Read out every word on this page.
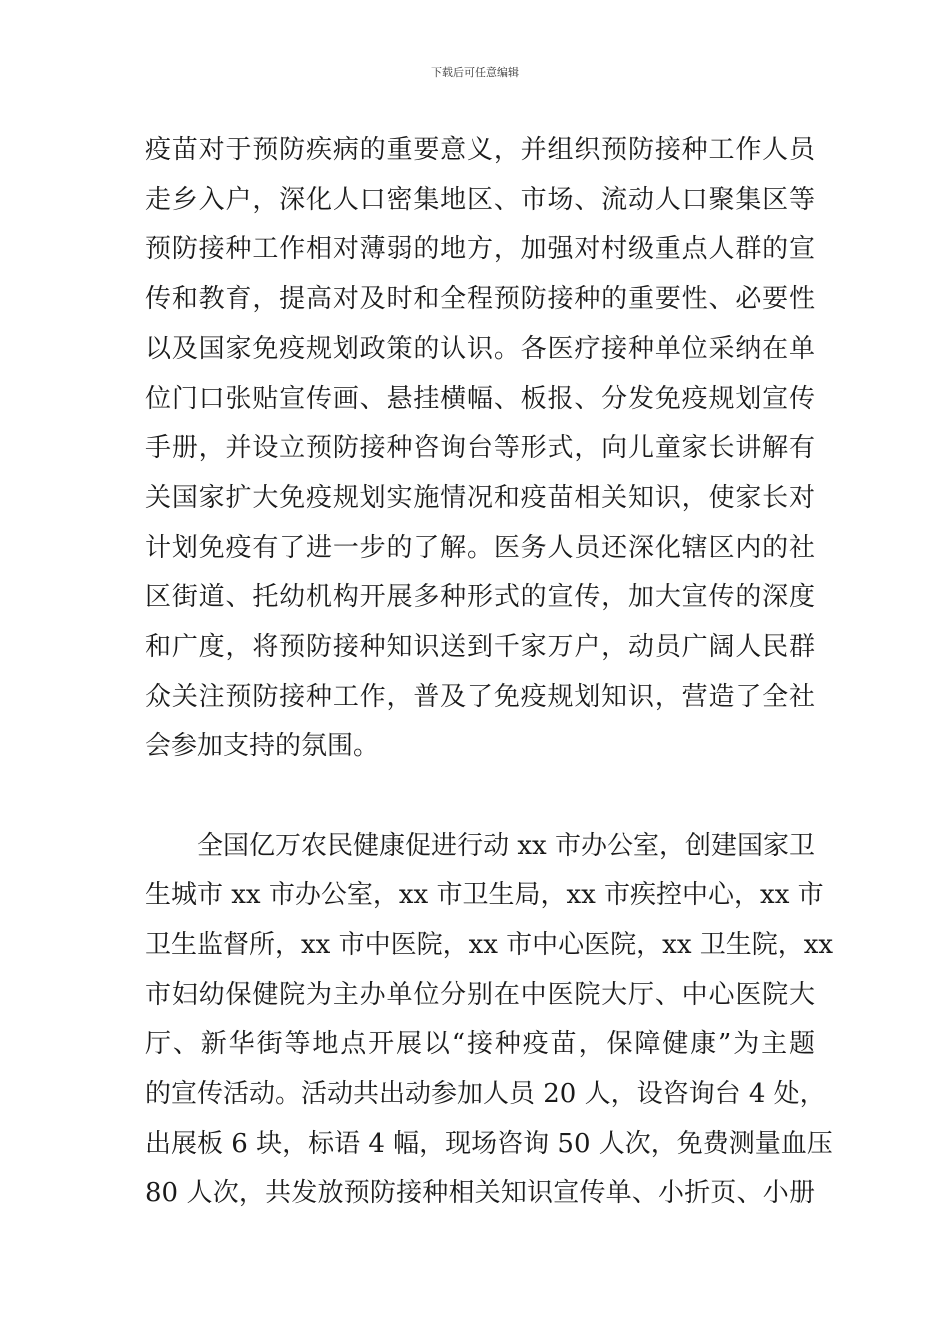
下载后可任意编辑
疫苗对于预防疾病的重要意义，并组织预防接种工作人员
走乡入户，深化人口密集地区、市场、流动人口聚集区等
预防接种工作相对薄弱的地方，加强对村级重点人群的宣
传和教育，提高对及时和全程预防接种的重要性、必要性
以及国家免疫规划政策的认识。各医疗接种单位采纳在单
位门口张贴宣传画、悬挂横幅、板报、分发免疫规划宣传
手册，并设立预防接种咨询台等形式，向儿童家长讲解有
关国家扩大免疫规划实施情况和疫苗相关知识，使家长对
计划免疫有了进一步的了解。医务人员还深化辖区内的社
区街道、托幼机构开展多种形式的宣传，加大宣传的深度
和广度，将预防接种知识送到千家万户，动员广阔人民群
众关注预防接种工作，普及了免疫规划知识，营造了全社
会参加支持的氛围。
　　全国亿万农民健康促进行动 xx 市办公室，创建国家卫
生城市 xx 市办公室，xx 市卫生局，xx 市疾控中心，xx 市
卫生监督所，xx 市中医院，xx 市中心医院，xx 卫生院，xx
市妇幼保健院为主办单位分别在中医院大厅、中心医院大
厅、新华街等地点开展以“接种疫苗，保障健康”为主题
的宣传活动。活动共出动参加人员 20 人，设咨询台 4 处，
出展板 6 块，标语 4 幅，现场咨询 50 人次，免费测量血压
80 人次，共发放预防接种相关知识宣传单、小折页、小册
